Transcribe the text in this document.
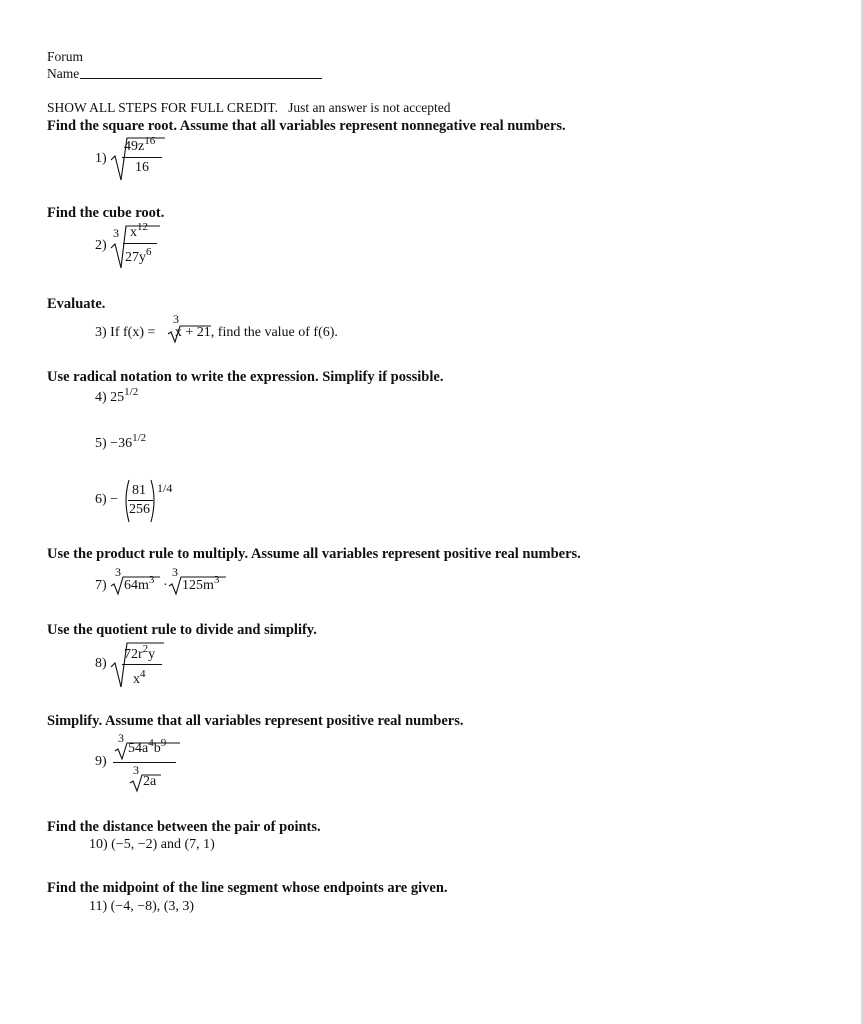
Forum
Name
SHOW ALL STEPS FOR FULL CREDIT. Just an answer is not accepted
Find the square root. Assume that all variables represent nonnegative real numbers.
1)
$49z^{16}$
16
Find the cube root.
2)
3 $x^{12}$
$27y^6$
Evaluate.
3) If f(x) = x + 21, find the value of f(6).
3
Use radical notation to write the expression. Simplify if possible.
4) $25^{1/2}$
$5) -36^{1/2}$
6) −
81
256
1/4
Use the product rule to multiply. Assume all variables represent positive real numbers.
7)
3
$64m^3$ ·
3
$125m^3$
Use the quotient rule to divide and simplify.
8)
$72r^2y$
$x^4$
Simplify. Assume that all variables represent positive real numbers.
9)
3
$54a^4b^9$
3
2a
Find the distance between the pair of points.
10) (−5, −2) and (7, 1)
Find the midpoint of the line segment whose endpoints are given.
11) (−4, −8), (3, 3)
